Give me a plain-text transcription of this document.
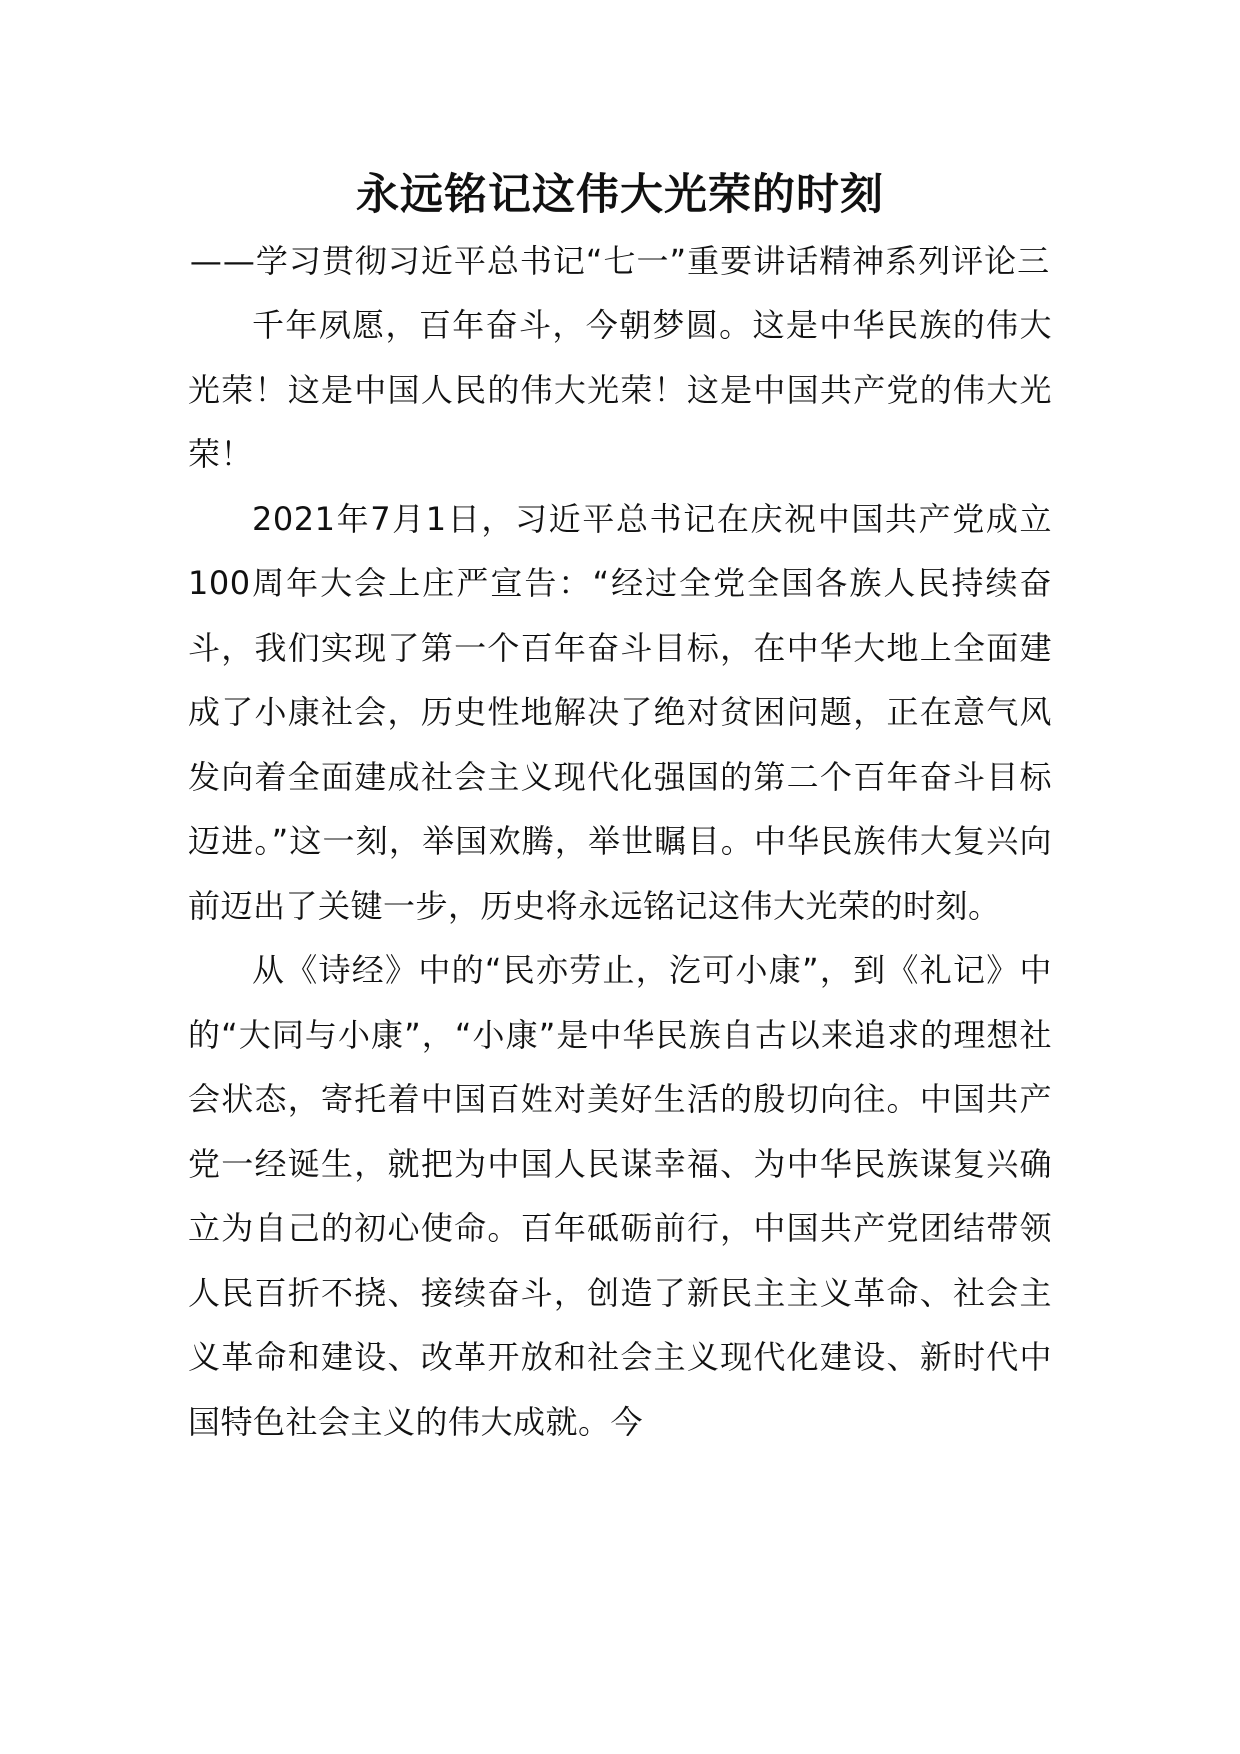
永远铭记这伟大光荣的时刻

——学习贯彻习近平总书记“七一”重要讲话精神系列评论三

千年夙愿，百年奋斗，今朝梦圆。这是中华民族的伟大光荣！这是中国人民的伟大光荣！这是中国共产党的伟大光荣！

2021年7月1日，习近平总书记在庆祝中国共产党成立100周年大会上庄严宣告：“经过全党全国各族人民持续奋斗，我们实现了第一个百年奋斗目标，在中华大地上全面建成了小康社会，历史性地解决了绝对贫困问题，正在意气风发向着全面建成社会主义现代化强国的第二个百年奋斗目标迈进。”这一刻，举国欢腾，举世瞩目。中华民族伟大复兴向前迈出了关键一步，历史将永远铭记这伟大光荣的时刻。

从《诗经》中的“民亦劳止，汔可小康”，到《礼记》中的“大同与小康”，“小康”是中华民族自古以来追求的理想社会状态，寄托着中国百姓对美好生活的殷切向往。中国共产党一经诞生，就把为中国人民谋幸福、为中华民族谋复兴确立为自己的初心使命。百年砥砺前行，中国共产党团结带领人民百折不挠、接续奋斗，创造了新民主主义革命、社会主义革命和建设、改革开放和社会主义现代化建设、新时代中国特色社会主义的伟大成就。今
